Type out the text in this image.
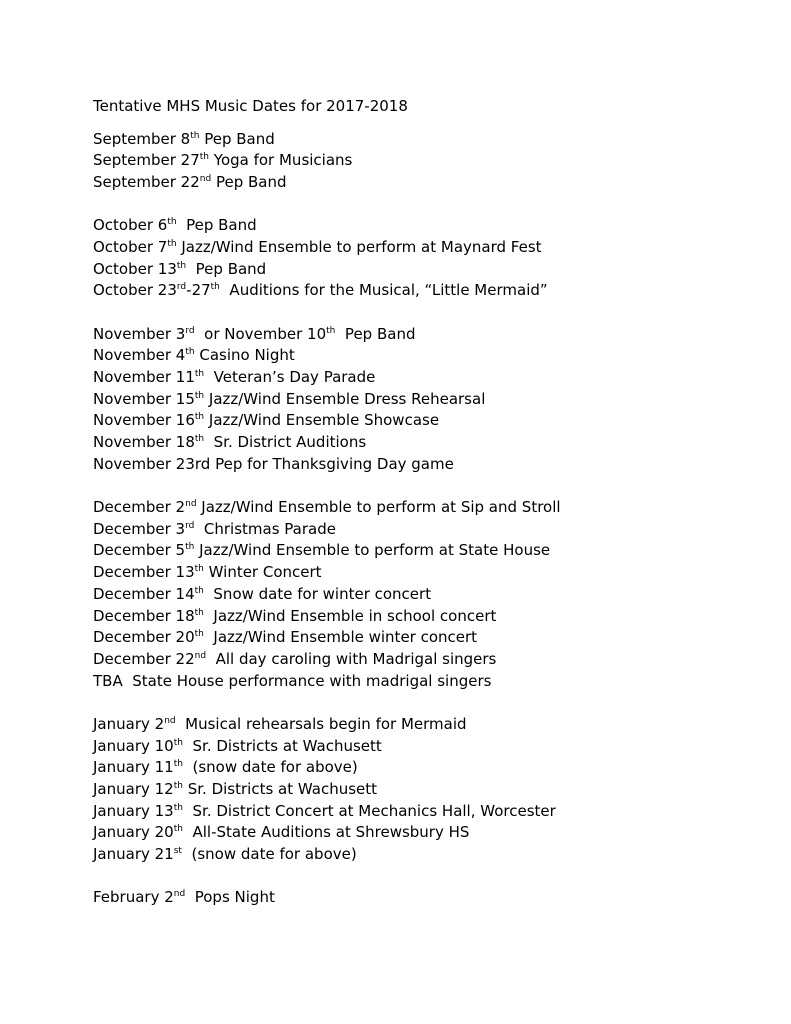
Tentative MHS Music Dates for 2017-2018
September 8th Pep Band
September 27th Yoga for Musicians
September 22nd Pep Band
October 6th  Pep Band
October 7th Jazz/Wind Ensemble to perform at Maynard Fest
October 13th  Pep Band
October 23rd-27th  Auditions for the Musical, “Little Mermaid”
November 3rd  or November 10th  Pep Band
November 4th Casino Night
November 11th  Veteran’s Day Parade
November 15th Jazz/Wind Ensemble Dress Rehearsal
November 16th Jazz/Wind Ensemble Showcase
November 18th  Sr. District Auditions
November 23rd Pep for Thanksgiving Day game
December 2nd Jazz/Wind Ensemble to perform at Sip and Stroll
December 3rd  Christmas Parade
December 5th Jazz/Wind Ensemble to perform at State House
December 13th Winter Concert
December 14th  Snow date for winter concert
December 18th  Jazz/Wind Ensemble in school concert
December 20th  Jazz/Wind Ensemble winter concert
December 22nd  All day caroling with Madrigal singers
TBA  State House performance with madrigal singers
January 2nd  Musical rehearsals begin for Mermaid
January 10th  Sr. Districts at Wachusett
January 11th  (snow date for above)
January 12th Sr. Districts at Wachusett
January 13th  Sr. District Concert at Mechanics Hall, Worcester
January 20th  All-State Auditions at Shrewsbury HS
January 21st  (snow date for above)
February 2nd  Pops Night
